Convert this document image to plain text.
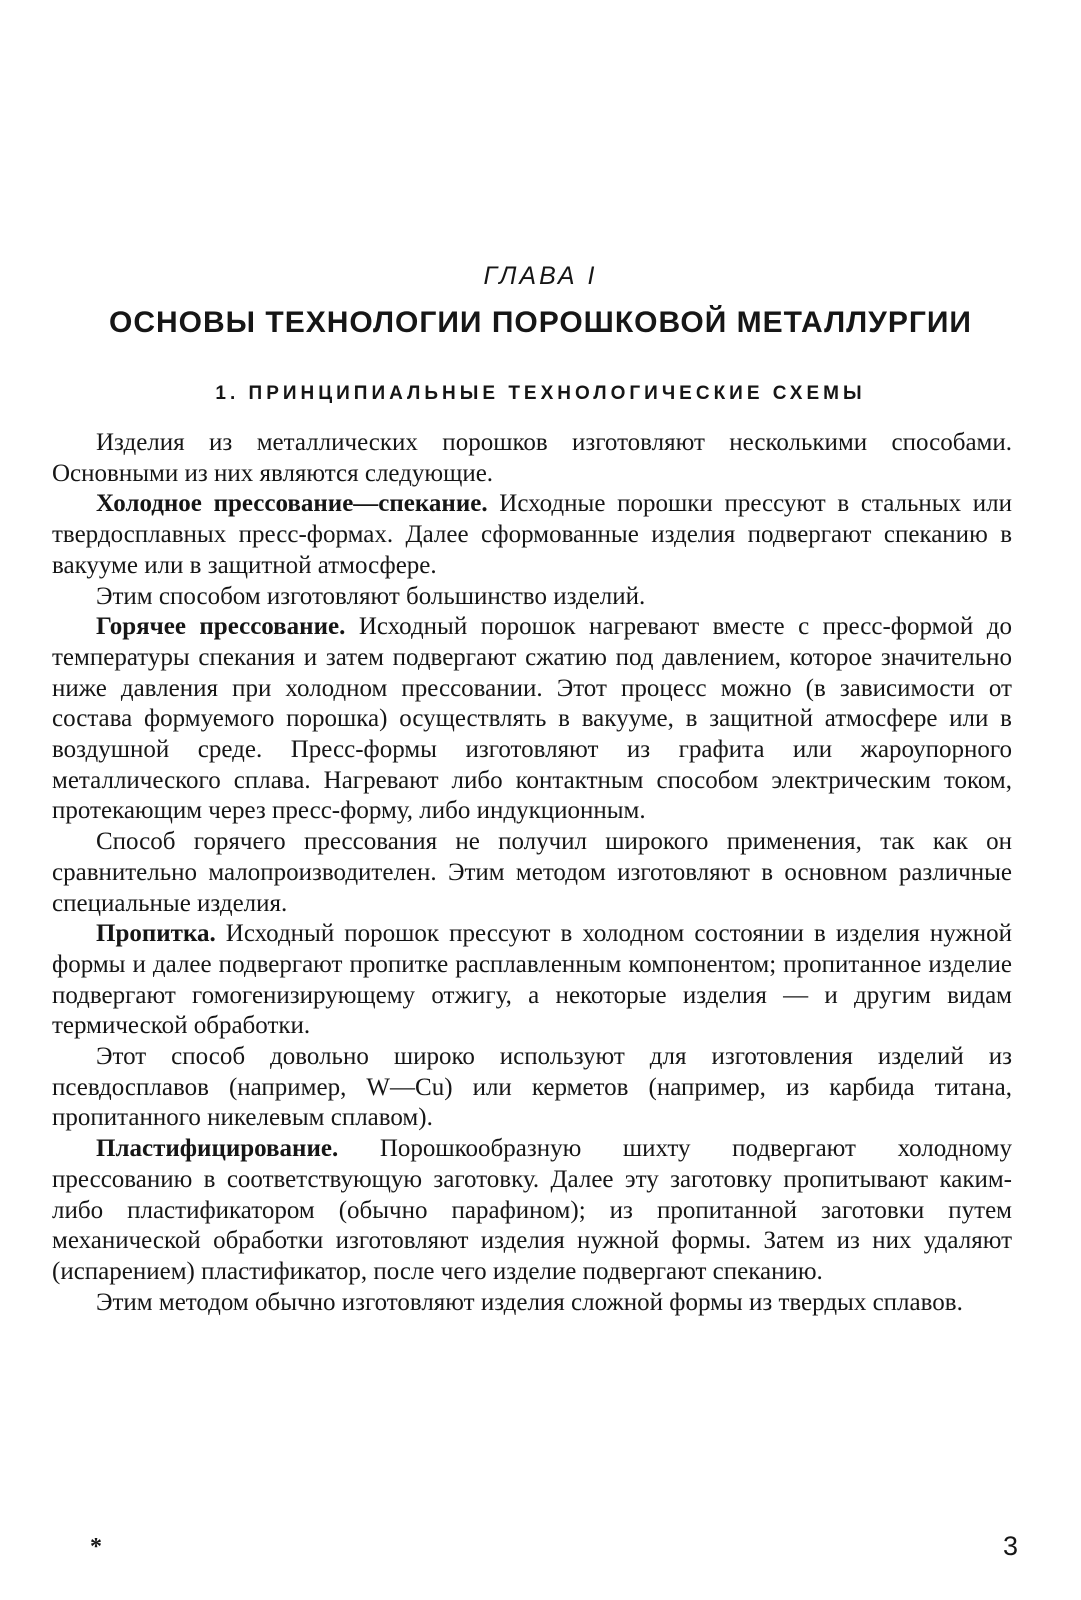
ГЛАВА I
ОСНОВЫ ТЕХНОЛОГИИ ПОРОШКОВОЙ МЕТАЛЛУРГИИ
1. ПРИНЦИПИАЛЬНЫЕ ТЕХНОЛОГИЧЕСКИЕ СХЕМЫ

Изделия из металлических порошков изготовляют несколькими способами. Основными из них являются следующие.

Холодное прессование—спекание. Исходные порошки прессуют в стальных или твердосплавных пресс-формах. Далее сформованные изделия подвергают спеканию в вакууме или в защитной атмосфере.

Этим способом изготовляют большинство изделий.

Горячее прессование. Исходный порошок нагревают вместе с пресс-формой до температуры спекания и затем подвергают сжатию под давлением, которое значительно ниже давления при холодном прессовании. Этот процесс можно (в зависимости от состава формуемого порошка) осуществлять в вакууме, в защитной атмосфере или в воздушной среде. Пресс-формы изготовляют из графита или жароупорного металлического сплава. Нагревают либо контактным способом электрическим током, протекающим через пресс-форму, либо индукционным.

Способ горячего прессования не получил широкого применения, так как он сравнительно малопроизводителен. Этим методом изготовляют в основном различные специальные изделия.

Пропитка. Исходный порошок прессуют в холодном состоянии в изделия нужной формы и далее подвергают пропитке расплавленным компонентом; пропитанное изделие подвергают гомогенизирующему отжигу, а некоторые изделия — и другим видам термической обработки.

Этот способ довольно широко используют для изготовления изделий из псевдосплавов (например, W—Cu) или керметов (например, из карбида титана, пропитанного никелевым сплавом).

Пластифицирование. Порошкообразную шихту подвергают холодному прессованию в соответствующую заготовку. Далее эту заготовку пропитывают каким-либо пластификатором (обычно парафином); из пропитанной заготовки путем механической обработки изготовляют изделия нужной формы. Затем из них удаляют (испарением) пластификатор, после чего изделие подвергают спеканию.

Этим методом обычно изготовляют изделия сложной формы из твердых сплавов.

*	3
